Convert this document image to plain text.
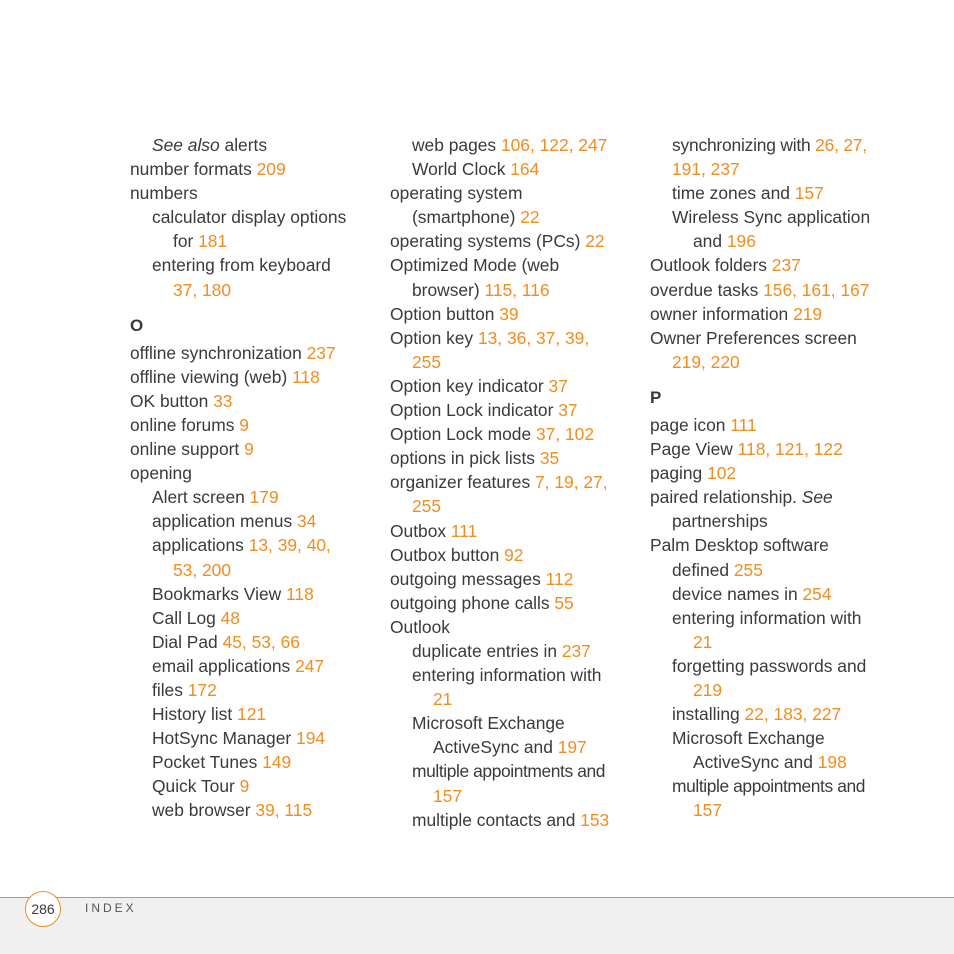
See also alerts

number formats 209

numbers

calculator display options

for 181

entering from keyboard

37, 180

O

offline synchronization 237

offline viewing (web) 118

OK button 33

online forums 9

online support 9

opening

Alert screen 179

application menus 34

applications 13, 39, 40,

53, 200

Bookmarks View 118

Call Log 48

Dial Pad 45, 53, 66

email applications 247

files 172

History list 121

HotSync Manager 194

Pocket Tunes 149

Quick Tour 9

web browser 39, 115

web pages 106, 122, 247

World Clock 164

operating system

(smartphone) 22

operating systems (PCs) 22

Optimized Mode (web

browser) 115, 116

Option button 39

Option key 13, 36, 37, 39,

255

Option key indicator 37

Option Lock indicator 37

Option Lock mode 37, 102

options in pick lists 35

organizer features 7, 19, 27,

255

Outbox 111

Outbox button 92

outgoing messages 112

outgoing phone calls 55

Outlook

duplicate entries in 237

entering information with

21

Microsoft Exchange

ActiveSync and 197

multiple appointments and

157

multiple contacts and 153

synchronizing with 26, 27,

191, 237

time zones and 157

Wireless Sync application

and 196

Outlook folders 237

overdue tasks 156, 161, 167

owner information 219

Owner Preferences screen

219, 220

P

page icon 111

Page View 118, 121, 122

paging 102

paired relationship. See

partnerships

Palm Desktop software

defined 255

device names in 254

entering information with

21

forgetting passwords and

219

installing 22, 183, 227

Microsoft Exchange

ActiveSync and 198

multiple appointments and

157

286	INDEX
